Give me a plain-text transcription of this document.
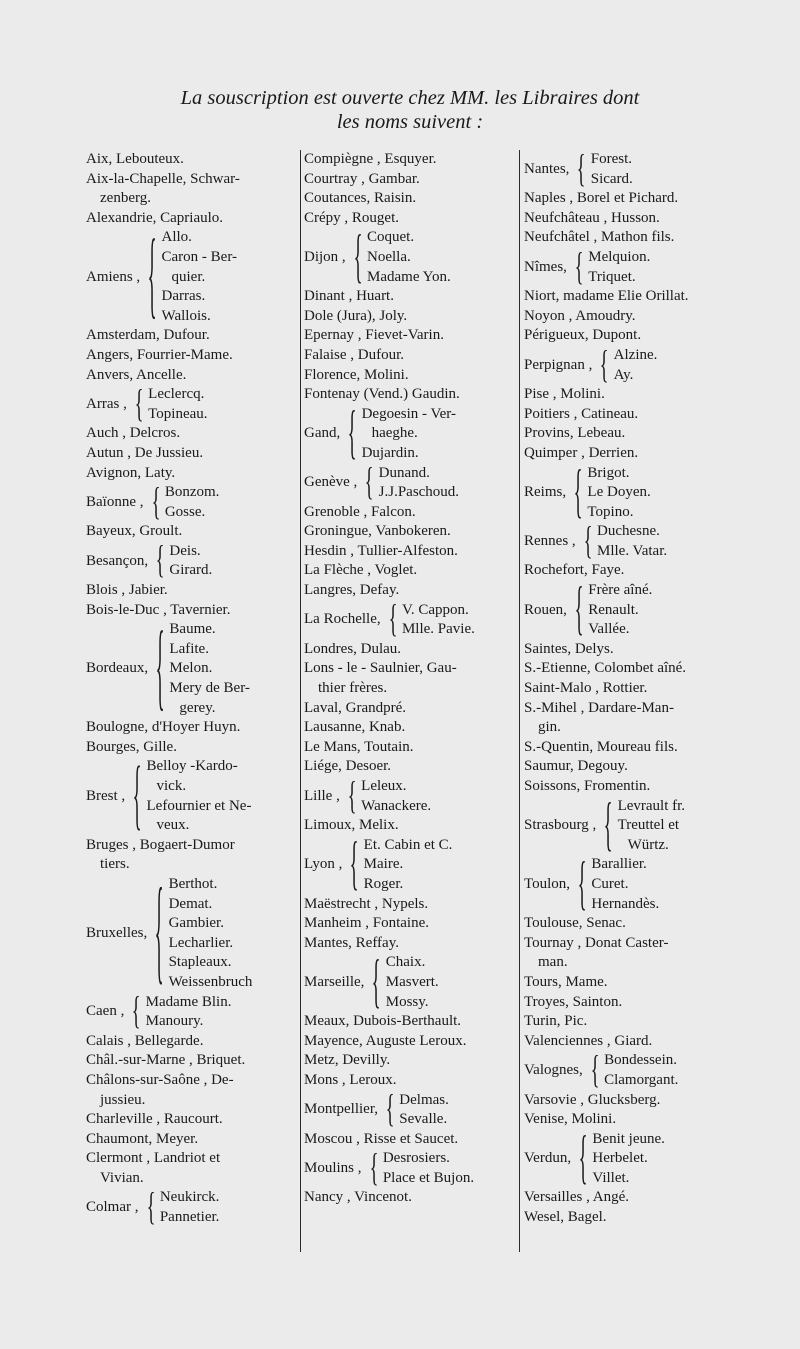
La souscription est ouverte chez MM. les Libraires dont
les noms suivent :
Aix, Lebouteux.
Aix-la-Chapelle, Schwar-
zenberg.
Alexandrie, Capriaulo.
Amiens , { Allo.
Caron - Ber-
quier.
Darras.
Wallois.
Amsterdam, Dufour.
Angers, Fourrier-Mame.
Anvers, Ancelle.
Arras , { Leclercq.
Topineau.
Auch , Delcros.
Autun , De Jussieu.
Avignon, Laty.
Baïonne , { Bonzom.
Gosse.
Bayeux, Groult.
Besançon, { Deis.
Girard.
Blois , Jabier.
Bois-le-Duc , Tavernier.
Bordeaux, { Baume.
Lafite.
Melon.
Mery de Ber-
gerey.
Boulogne, d'Hoyer Huyn.
Bourges, Gille.
Brest , { Belloy -Kardo-
vick.
Lefournier et Ne-
veux.
Bruges , Bogaert-Dumor
tiers.
Bruxelles, { Berthot.
Demat.
Gambier.
Lecharlier.
Stapleaux.
Weissenbruch
Caen , { Madame Blin.
Manoury.
Calais , Bellegarde.
Châl.-sur-Marne , Briquet.
Châlons-sur-Saône , De-
jussieu.
Charleville , Raucourt.
Chaumont, Meyer.
Clermont , Landriot et
Vivian.
Colmar , { Neukirck.
Pannetier.
Compiègne , Esquyer.
Courtray , Gambar.
Coutances, Raisin.
Crépy , Rouget.
Dijon , { Coquet.
Noella.
Madame Yon.
Dinant , Huart.
Dole (Jura), Joly.
Epernay , Fievet-Varin.
Falaise , Dufour.
Florence, Molini.
Fontenay (Vend.) Gaudin.
Gand, { Degoesin - Ver-
haeghe.
Dujardin.
Genève , { Dunand.
J.J.Paschoud.
Grenoble , Falcon.
Groningue, Vanbokeren.
Hesdin , Tullier-Alfeston.
La Flèche , Voglet.
Langres, Defay.
La Rochelle, { V. Cappon.
Mlle. Pavie.
Londres, Dulau.
Lons - le - Saulnier, Gau-
thier frères.
Laval, Grandpré.
Lausanne, Knab.
Le Mans, Toutain.
Liége, Desoer.
Lille , { Leleux.
Wanackere.
Limoux, Melix.
Lyon , { Et. Cabin et C.
Maire.
Roger.
Maëstrecht , Nypels.
Manheim , Fontaine.
Mantes, Reffay.
Marseille, { Chaix.
Masvert.
Mossy.
Meaux, Dubois-Berthault.
Mayence, Auguste Leroux.
Metz, Devilly.
Mons , Leroux.
Montpellier, { Delmas.
Sevalle.
Moscou , Risse et Saucet.
Moulins , { Desrosiers.
Place et Bujon.
Nancy , Vincenot.
Nantes, { Forest.
Sicard.
Naples , Borel et Pichard.
Neufchâteau , Husson.
Neufchâtel , Mathon fils.
Nîmes, { Melquion.
Triquet.
Niort, madame Elie Orillat.
Noyon , Amoudry.
Périgueux, Dupont.
Perpignan , { Alzine.
Ay.
Pise , Molini.
Poitiers , Catineau.
Provins, Lebeau.
Quimper , Derrien.
Reims, { Brigot.
Le Doyen.
Topino.
Rennes , { Duchesne.
Mlle. Vatar.
Rochefort, Faye.
Rouen, { Frère aîné.
Renault.
Vallée.
Saintes, Delys.
S.-Etienne, Colombet aîné.
Saint-Malo , Rottier.
S.-Mihel , Dardare-Man-
gin.
S.-Quentin, Moureau fils.
Saumur, Degouy.
Soissons, Fromentin.
Strasbourg , { Levrault fr.
Treuttel et
Würtz.
Toulon, { Barallier.
Curet.
Hernandès.
Toulouse, Senac.
Tournay , Donat Caster-
man.
Tours, Mame.
Troyes, Sainton.
Turin, Pic.
Valenciennes , Giard.
Valognes, { Bondessein.
Clamorgant.
Varsovie , Glucksberg.
Venise, Molini.
Verdun, { Benit jeune.
Herbelet.
Villet.
Versailles , Angé.
Wesel, Bagel.
